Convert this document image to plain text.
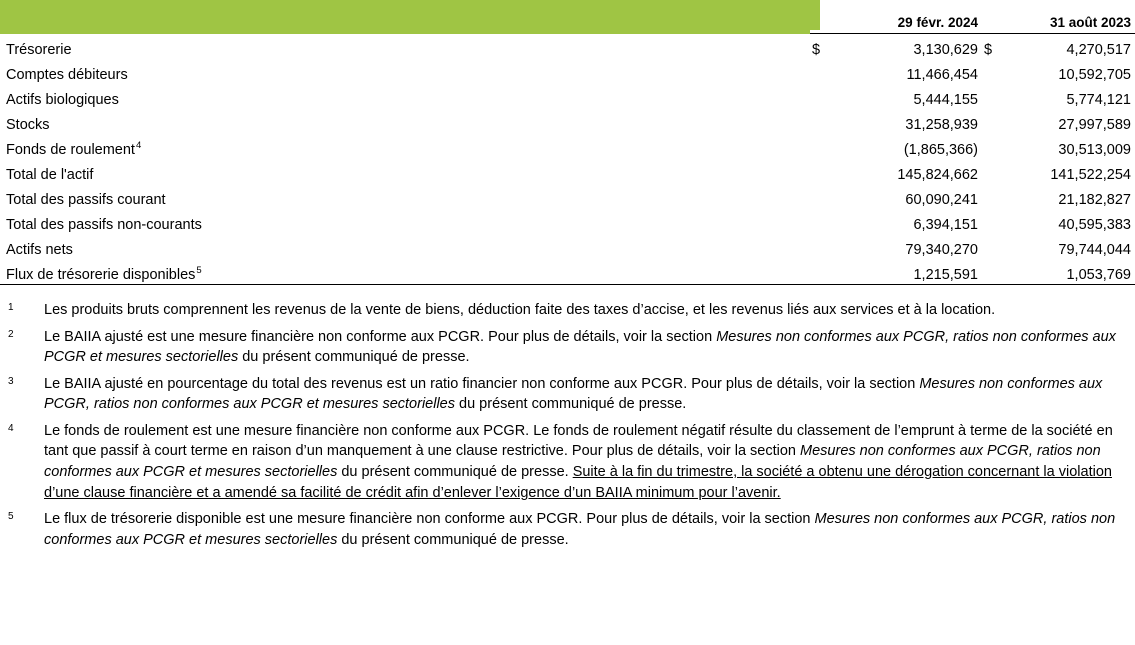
		29 févr. 2024		31 août 2023
Trésorerie	$	3,130,629	$	4,270,517
Comptes débiteurs		11,466,454		10,592,705
Actifs biologiques		5,444,155		5,774,121
Stocks		31,258,939		27,997,589
Fonds de roulement$^4$		(1,865,366)		30,513,009
Total de l'actif		145,824,662		141,522,254
Total des passifs courant		60,090,241		21,182,827
Total des passifs non-courants		6,394,151		40,595,383
Actifs nets		79,340,270		79,744,044
Flux de trésorerie disponibles$^5$		1,215,591		1,053,769
1	Les produits bruts comprennent les revenus de la vente de biens, déduction faite des taxes d’accise, et les revenus liés aux services et à la location.
2	Le BAIIA ajusté est une mesure financière non conforme aux PCGR. Pour plus de détails, voir la section Mesures non conformes aux PCGR, ratios non conformes aux PCGR et mesures sectorielles du présent communiqué de presse.
3	Le BAIIA ajusté en pourcentage du total des revenus est un ratio financier non conforme aux PCGR. Pour plus de détails, voir la section Mesures non conformes aux PCGR, ratios non conformes aux PCGR et mesures sectorielles du présent communiqué de presse.
4	Le fonds de roulement est une mesure financière non conforme aux PCGR. Le fonds de roulement négatif résulte du classement de l’emprunt à terme de la société en tant que passif à court terme en raison d’un manquement à une clause restrictive. Pour plus de détails, voir la section Mesures non conformes aux PCGR, ratios non conformes aux PCGR et mesures sectorielles du présent communiqué de presse. Suite à la fin du trimestre, la société a obtenu une dérogation concernant la violation d’une clause financière et a amendé sa facilité de crédit afin d’enlever l’exigence d’un BAIIA minimum pour l’avenir.
5	Le flux de trésorerie disponible est une mesure financière non conforme aux PCGR. Pour plus de détails, voir la section Mesures non conformes aux PCGR, ratios non conformes aux PCGR et mesures sectorielles du présent communiqué de presse.
